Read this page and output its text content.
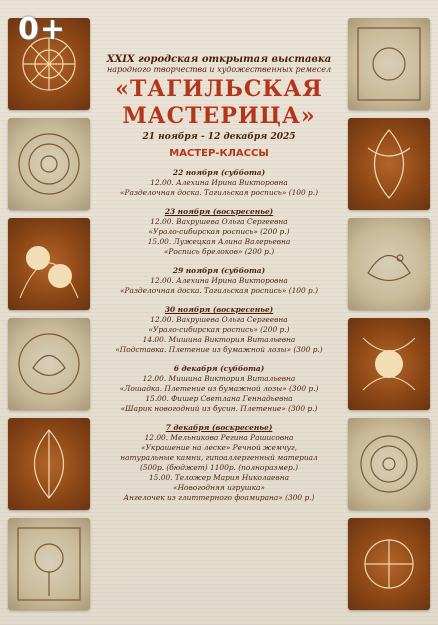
0+
XXIX городская открытая выставка
народного творчества и художественных ремесел
«ТАГИЛЬСКАЯ
МАСТЕРИЦА»
21 ноября - 12 декабря 2025
МАСТЕР-КЛАССЫ
22 ноября (суббота)
12.00. Алехина Ирина Викторовна
«Разделочная доска. Тагильская роспись» (100 р.)
23 ноября (воскресенье)
12.00. Вахрушева Ольга Сергеевна
«Урало-сибирская роспись» (200 р.)
15.00. Лужецкая Алина Валерьевна
«Роспись брелоков» (200 р.)
29 ноября (суббота)
12.00. Алехина Ирина Викторовна
«Разделочная доска. Тагильская роспись» (100 р.)
30 ноября (воскресенье)
12.00. Вахрушева Ольга Сергеевна
«Урало-сибирская роспись» (200 р.)
14.00. Мишина Виктория Витальевна
«Подставка. Плетение из бумажной лозы» (300 р.)
6 декабря (суббота)
12.00. Мишина Виктория Витальевна
«Лошадка. Плетение из бумажной лозы» (300 р.)
15.00. Фишер Светлана Геннадьевна
«Шарик новогодний из бусин. Плетение» (300 р.)
7 декабря (воскресенье)
12.00. Мельникова Регина Рашисовна
«Украшение на леске» Речной жемчуг,
натуральные камни, гипоаллергенный материал
(500р. (бюджет) 1100р. (полноразмер.)
15.00. Теложер Мария Николаевна
«Новогодняя игрушка»
Ангелочек из глиттерного фоамирана» (300 р.)
